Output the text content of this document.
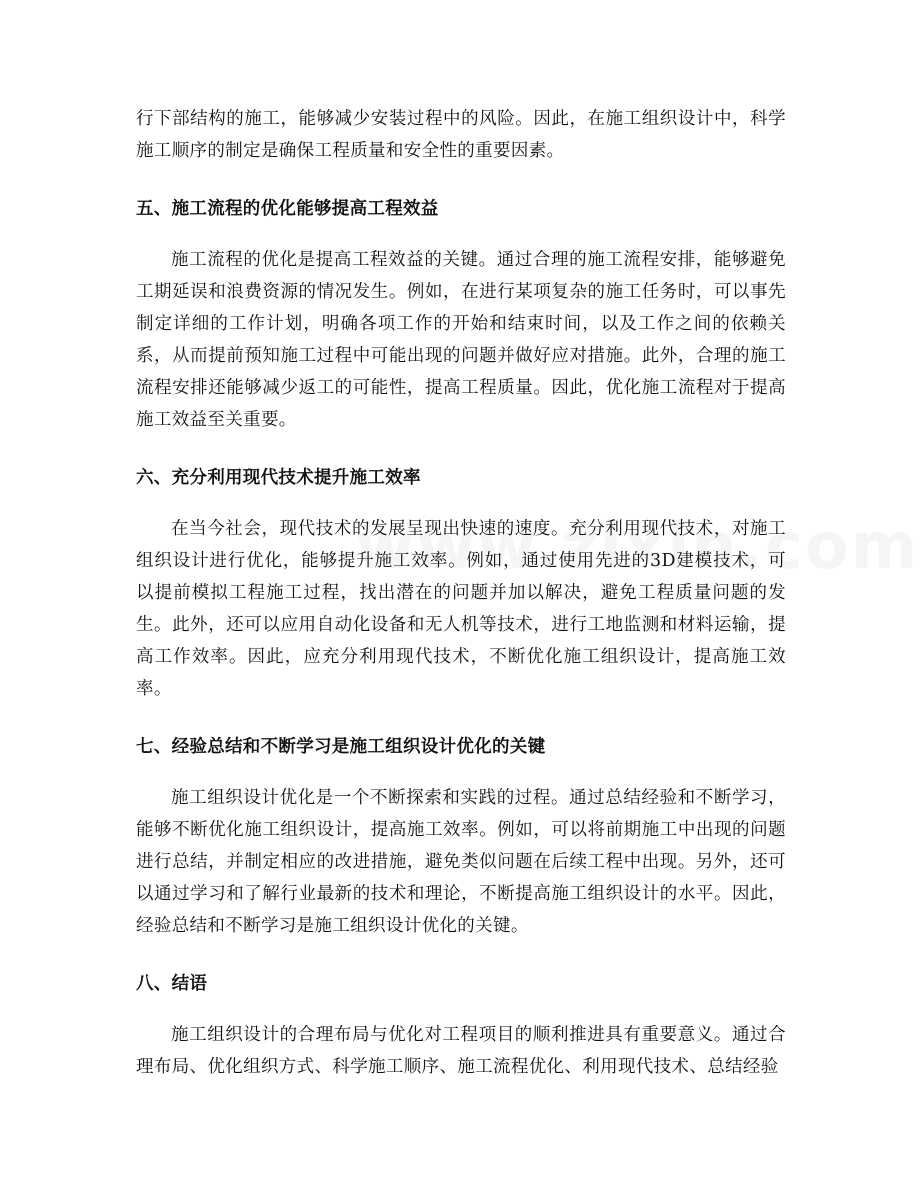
行下部结构的施工，能够减少安装过程中的风险。因此，在施工组织设计中，科学施工顺序的制定是确保工程质量和安全性的重要因素。

五、施工流程的优化能够提高工程效益

施工流程的优化是提高工程效益的关键。通过合理的施工流程安排，能够避免工期延误和浪费资源的情况发生。例如，在进行某项复杂的施工任务时，可以事先制定详细的工作计划，明确各项工作的开始和结束时间，以及工作之间的依赖关系，从而提前预知施工过程中可能出现的问题并做好应对措施。此外，合理的施工流程安排还能够减少返工的可能性，提高工程质量。因此，优化施工流程对于提高施工效益至关重要。

六、充分利用现代技术提升施工效率

在当今社会，现代技术的发展呈现出快速的速度。充分利用现代技术，对施工组织设计进行优化，能够提升施工效率。例如，通过使用先进的3D建模技术，可以提前模拟工程施工过程，找出潜在的问题并加以解决，避免工程质量问题的发生。此外，还可以应用自动化设备和无人机等技术，进行工地监测和材料运输，提高工作效率。因此，应充分利用现代技术，不断优化施工组织设计，提高施工效率。

七、经验总结和不断学习是施工组织设计优化的关键

施工组织设计优化是一个不断探索和实践的过程。通过总结经验和不断学习，能够不断优化施工组织设计，提高施工效率。例如，可以将前期施工中出现的问题进行总结，并制定相应的改进措施，避免类似问题在后续工程中出现。另外，还可以通过学习和了解行业最新的技术和理论，不断提高施工组织设计的水平。因此，经验总结和不断学习是施工组织设计优化的关键。

八、结语

施工组织设计的合理布局与优化对工程项目的顺利推进具有重要意义。通过合理布局、优化组织方式、科学施工顺序、施工流程优化、利用现代技术、总结经验
